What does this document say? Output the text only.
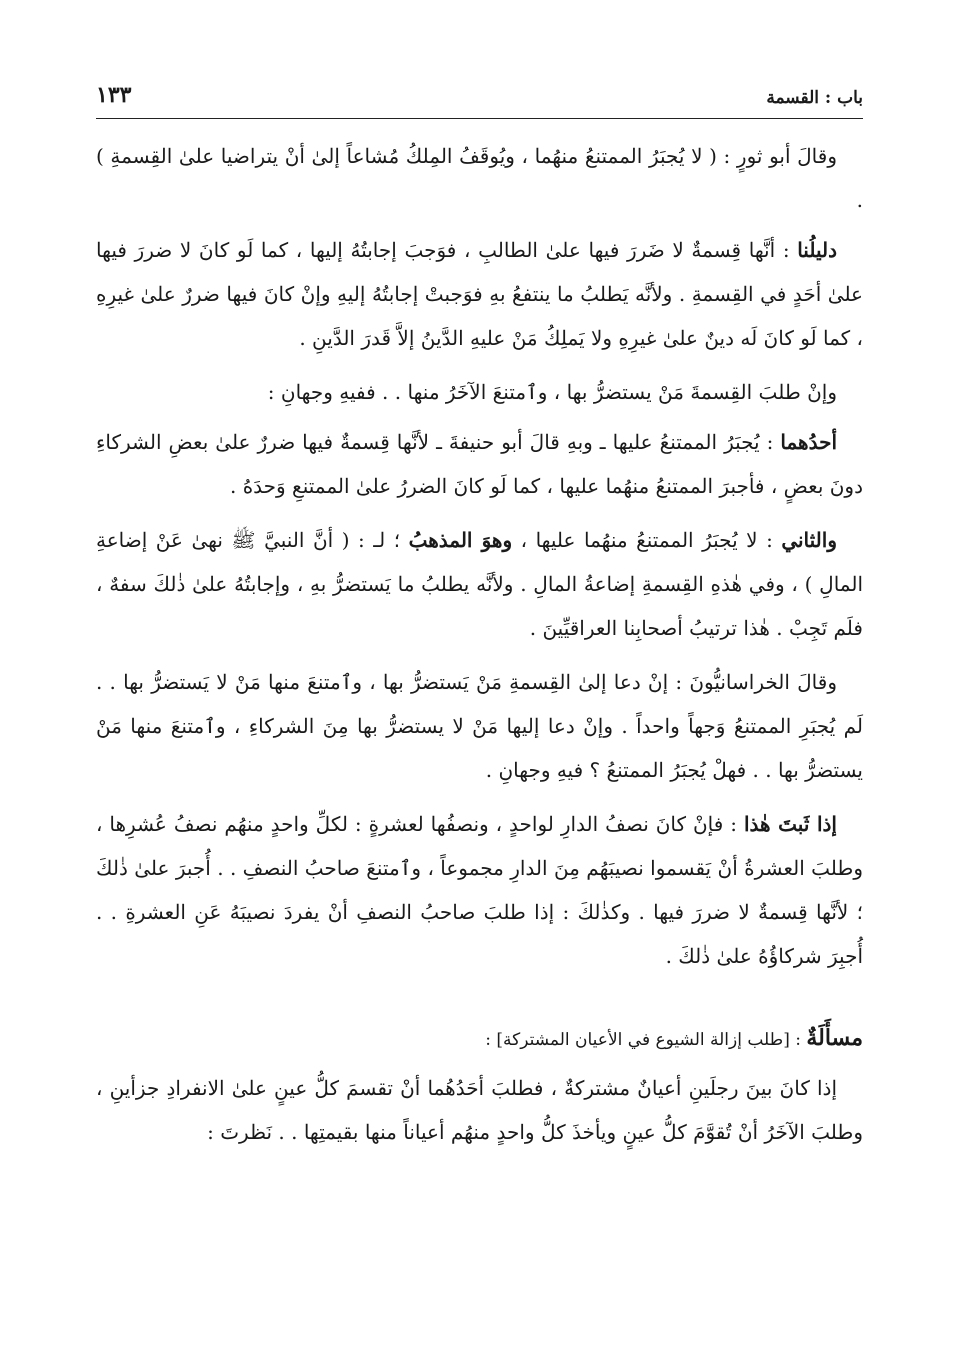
باب : القسمة
١٣٣

وقالَ أبو ثورٍ : ( لا يُجبَرُ الممتنعُ منهُما ، ويُوقَفُ المِلكُ مُشاعاً إلىٰ أنْ يتراضيا علىٰ القِسمةِ ) .

دليلُنا : أنَّها قِسمةٌ لا ضَررَ فيها علىٰ الطالبِ ، فوَجبَ إجابتُهُ إليها ، كما لَو كانَ لا ضررَ فيها علىٰ أحَدٍ في القِسمةِ . ولأنَّه يَطلبُ ما ينتفعُ بهِ فوَجبتْ إجابتُهُ إليهِ وإنْ كانَ فيها ضررٌ علىٰ غيرِهِ ، كما لَو كانَ لَه دينٌ علىٰ غيرِهِ ولا يَملِكُ مَنْ عليهِ الدَّينُ إلاَّ قَدرَ الدَّينِ .

وإنْ طلبَ القِسمةَ مَنْ يستضرُّ بها ، وٱمتنعَ الآخَرُ منها . . ففيهِ وجهانِ :

أحدُهما : يُجبَرُ الممتنعُ عليها ـ وبهِ قالَ أبو حنيفةَ ـ لأنَّها قِسمةٌ فيها ضررٌ علىٰ بعضِ الشركاءِ دونَ بعضٍ ، فأجبرَ الممتنعُ منهُما عليها ، كما لَو كانَ الضررُ علىٰ الممتنعِ وَحدَهُ .

والثاني : لا يُجبَرُ الممتنعُ منهُما عليها ، وهوَ المذهبُ ؛ لـ : ( أنَّ النبيَّ ﷺ نهىٰ عَنْ إضاعةِ المالِ ) ، وفي هٰذهِ القِسمةِ إضاعةُ المالِ . ولأنَّه يطلبُ ما يَستضرُّ بهِ ، وإجابتُهُ علىٰ ذٰلكَ سفهٌ ، فلَم تَجِبْ . هٰذا ترتيبُ أصحابِنا العراقيِّينَ .

وقالَ الخراسانيُّونَ : إنْ دعا إلىٰ القِسمةِ مَنْ يَستضرُّ بها ، وٱمتنعَ منها مَنْ لا يَستضرُّ بها . . لَم يُجبَرِ الممتنعُ وَجهاً واحداً . وإنْ دعا إليها مَنْ لا يستضرُّ بها مِنَ الشركاءِ ، وٱمتنعَ منها مَنْ يستضرُّ بها . . فهلْ يُجبَرُ الممتنعُ ؟ فيهِ وجهانِ .

إذا ثَبتَ هٰذا : فإنْ كانَ نصفُ الدارِ لواحدٍ ، ونصفُها لعشرةٍ : لكلِّ واحدٍ منهُم نصفُ عُشرِها ، وطلبَ العشرةُ أنْ يَقسموا نصيبَهُم مِنَ الدارِ مجموعاً ، وٱمتنعَ صاحبُ النصفِ . . أُجبرَ علىٰ ذٰلكَ ؛ لأنَّها قِسمةٌ لا ضررَ فيها . وكذٰلكَ : إذا طلبَ صاحبُ النصفِ أنْ يفردَ نصيبَهُ عَنِ العشرةِ . . أُجبِرَ شركاؤُهُ علىٰ ذٰلكَ .

مسأَلَةٌ : [طلب إزالة الشيوع في الأعيان المشتركة] :

إذا كانَ بينَ رجلَينِ أعيانٌ مشتركةٌ ، فطلبَ أحَدُهُما أنْ تقسمَ كلُّ عينٍ علىٰ الانفرادِ جزأينِ ، وطلبَ الآخَرُ أنْ تُقوَّمَ كلُّ عينٍ ويأخذَ كلُّ واحدٍ منهُم أعياناً منها بقيمتِها . . نَظرتَ :
